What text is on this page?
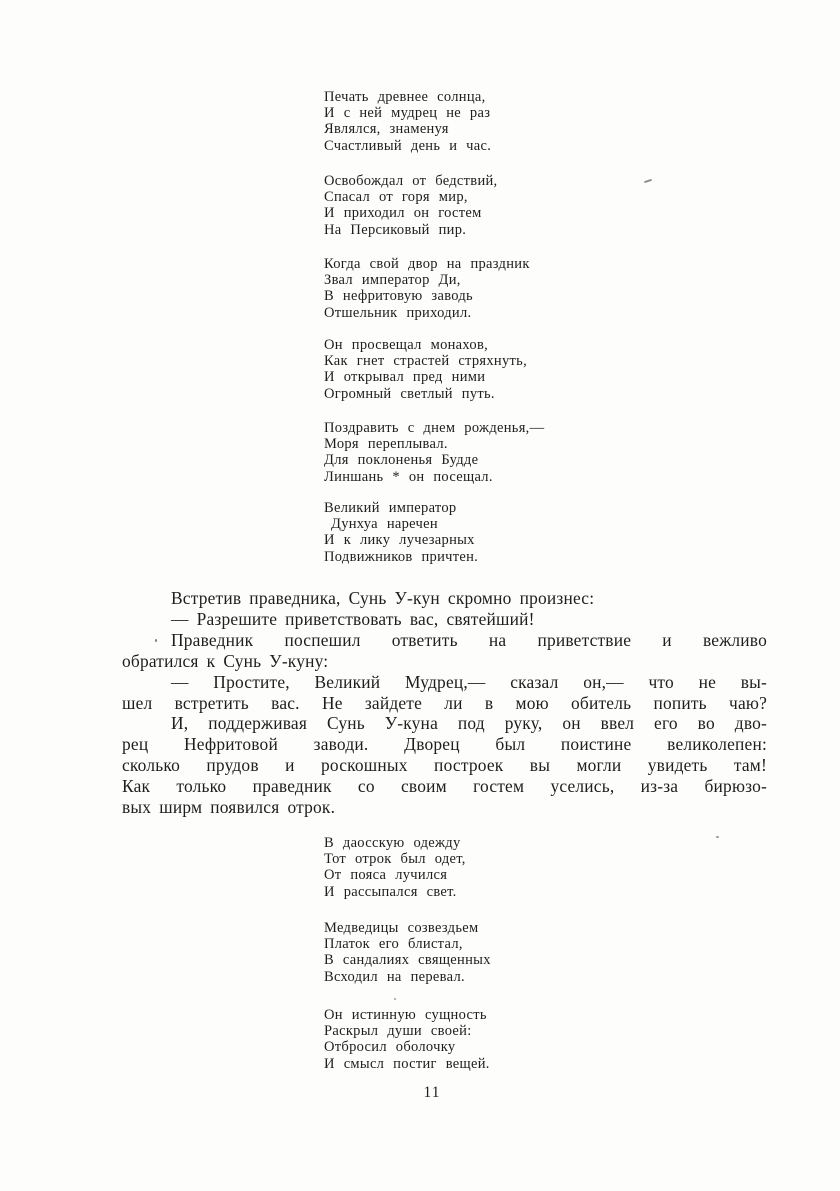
Печать древнее солнца,
И с ней мудрец не раз
Являлся, знаменуя
Счастливый день и час.
Освобождал от бедствий,
Спасал от горя мир,
И приходил он гостем
На Персиковый пир.
Когда свой двор на праздник
Звал император Ди,
В нефритовую заводь
Отшельник приходил.
Он просвещал монахов,
Как гнет страстей стряхнуть,
И открывал пред ними
Огромный светлый путь.
Поздравить с днем рожденья,—
Моря переплывал.
Для поклоненья Будде
Линшань * он посещал.
Великий император
Дунхуа наречен
И к лику лучезарных
Подвижников причтен.
Встретив праведника, Сунь У-кун скромно произнес:
— Разрешите приветствовать вас, святейший!
Праведник поспешил ответить на приветствие и вежливо
обратился к Сунь У-куну:
— Простите, Великий Мудрец,— сказал он,— что не вы-
шел встретить вас. Не зайдете ли в мою обитель попить чаю?
И, поддерживая Сунь У-куна под руку, он ввел его во дво-
рец Нефритовой заводи. Дворец был поистине великолепен:
сколько прудов и роскошных построек вы могли увидеть там!
Как только праведник со своим гостем уселись, из-за бирюзо-
вых ширм появился отрок.
В даосскую одежду
Тот отрок был одет,
От пояса лучился
И рассыпался свет.
Медведицы созвездьем
Платок его блистал,
В сандалиях священных
Всходил на перевал.
Он истинную сущность
Раскрыл души своей:
Отбросил оболочку
И смысл постиг вещей.
11
